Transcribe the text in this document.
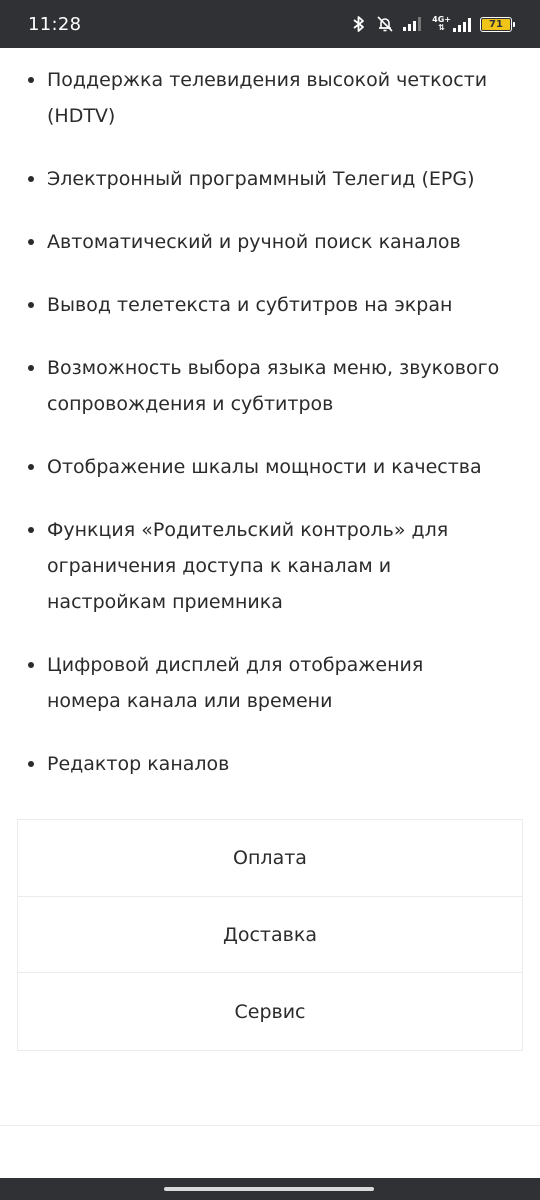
11:28	4G+
⇅	71
Поддержка телевидения высокой четкости (HDTV)
Электронный программный Телегид (EPG)
Автоматический и ручной поиск каналов
Вывод телетекста и субтитров на экран
Возможность выбора языка меню, звукового сопровождения и субтитров
Отображение шкалы мощности и качества
Функция «Родительский контроль» для ограничения доступа к каналам и настройкам приемника
Цифровой дисплей для отображения номера канала или времени
Редактор каналов
Оплата
Доставка
Сервис
